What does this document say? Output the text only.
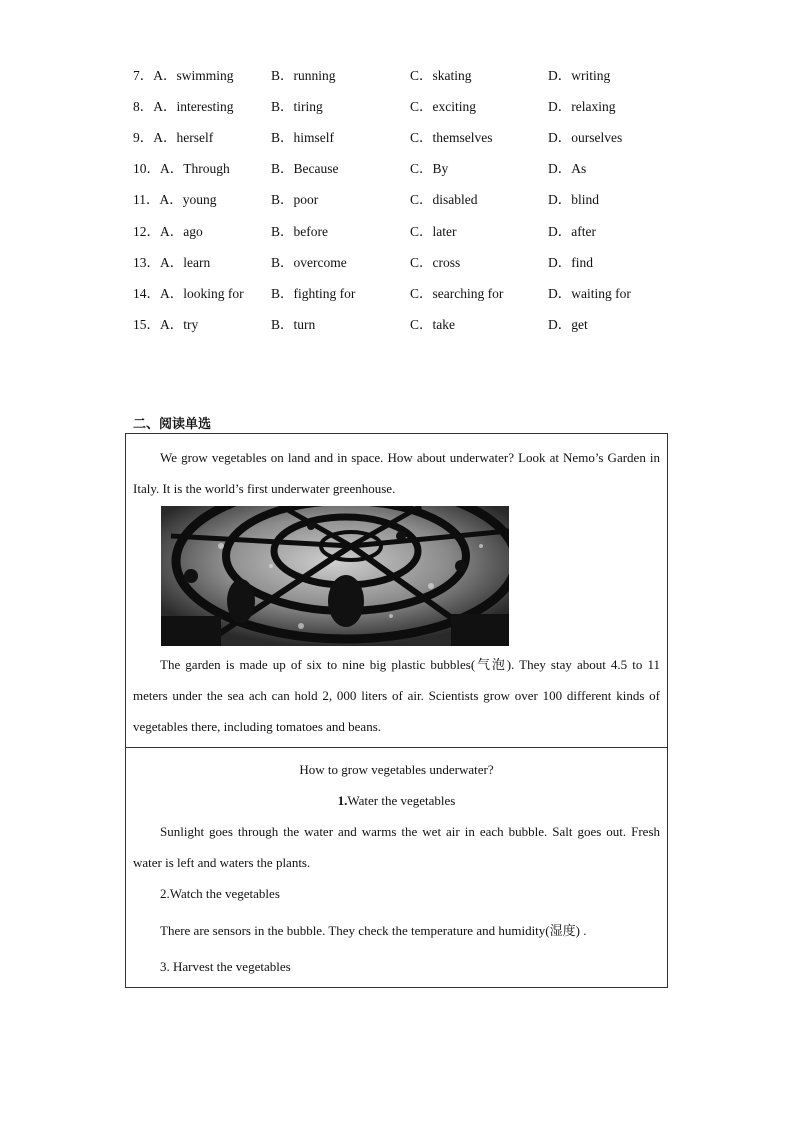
7．A．swimming	B．running	C．skating	D．writing
8．A．interesting	B．tiring	C．exciting	D．relaxing
9．A．herself	B．himself	C．themselves	D．ourselves
10．A．Through	B．Because	C．By	D．As
11．A．young	B．poor	C．disabled	D．blind
12．A．ago	B．before	C．later	D．after
13．A．learn	B．overcome	C．cross	D．find
14．A．looking for B．fighting for	C．searching for	D．waiting for
15．A．try	B．turn	C．take	D．get
二、阅读单选
We grow vegetables on land and in space. How about underwater? Look at Nemo’s Garden in Italy. It is the world’s first underwater greenhouse.
The garden is made up of six to nine big plastic bubbles(气泡). They stay about 4.5 to 11 meters under the sea ach can hold 2, 000 liters of air. Scientists grow over 100 different kinds of vegetables there, including tomatoes and beans.
How to grow vegetables underwater?
1.Water the vegetables
Sunlight goes through the water and warms the wet air in each bubble. Salt goes out. Fresh water is left and waters the plants.
2.Watch the vegetables
There are sensors in the bubble. They check the temperature and humidity(湿度) .
3. Harvest the vegetables
